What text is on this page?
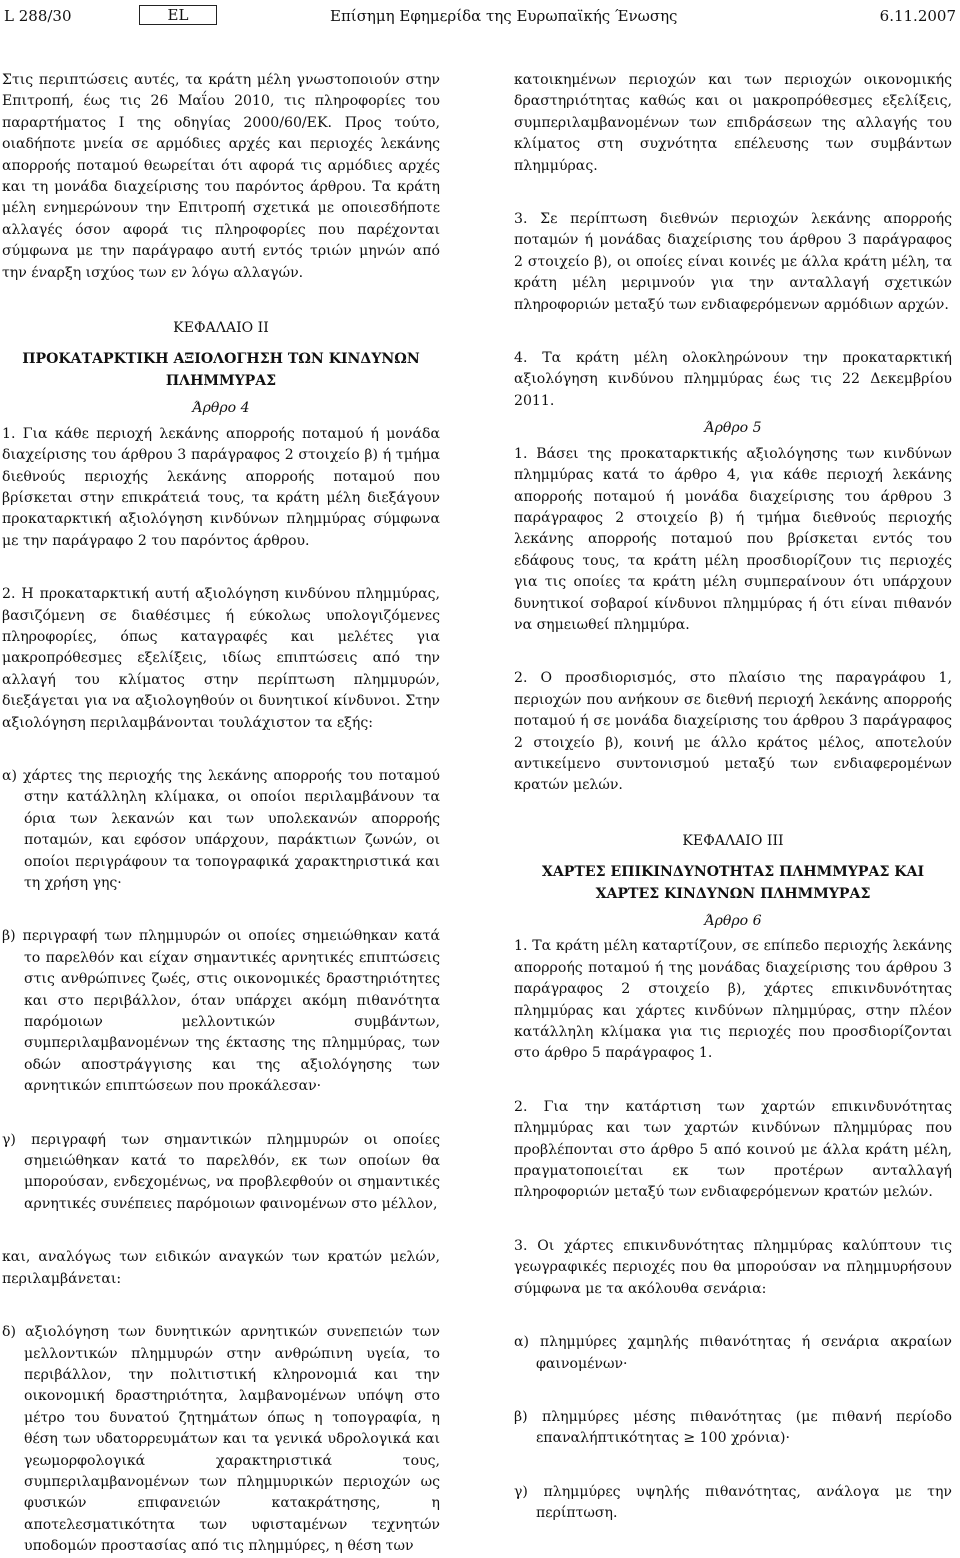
L 288/30	EL	Επίσημη Εφημερίδα της Ευρωπαϊκής Ένωσης	6.11.2007

Στις περιπτώσεις αυτές, τα κράτη μέλη γνωστοποιούν στην Επιτροπή, έως τις 26 Μαΐου 2010, τις πληροφορίες του παραρτήματος I της οδηγίας 2000/60/ΕΚ. Προς τούτο, οιαδήποτε μνεία σε αρμόδιες αρχές και περιοχές λεκάνης απορροής ποταμού θεωρείται ότι αφορά τις αρμόδιες αρχές και τη μονάδα διαχείρισης του παρόντος άρθρου. Τα κράτη μέλη ενημερώνουν την Επιτροπή σχετικά με οποιεσδήποτε αλλαγές όσον αφορά τις πληροφορίες που παρέχονται σύμφωνα με την παράγραφο αυτή εντός τριών μηνών από την έναρξη ισχύος των εν λόγω αλλαγών.

ΚΕΦΑΛΑΙΟ II

ΠΡΟΚΑΤΑΡΚΤΙΚΗ ΑΞΙΟΛΟΓΗΣΗ ΤΩΝ ΚΙΝΔΥΝΩΝ ΠΛΗΜΜΥΡΑΣ

Άρθρο 4

1. Για κάθε περιοχή λεκάνης απορροής ποταμού ή μονάδα διαχείρισης του άρθρου 3 παράγραφος 2 στοιχείο β) ή τμήμα διεθνούς περιοχής λεκάνης απορροής ποταμού που βρίσκεται στην επικράτειά τους, τα κράτη μέλη διεξάγουν προκαταρκτική αξιολόγηση κινδύνων πλημμύρας σύμφωνα με την παράγραφο 2 του παρόντος άρθρου.

2. Η προκαταρκτική αυτή αξιολόγηση κινδύνου πλημμύρας, βασιζόμενη σε διαθέσιμες ή εύκολως υπολογιζόμενες πληροφορίες, όπως καταγραφές και μελέτες για μακροπρόθεσμες εξελίξεις, ιδίως επιπτώσεις από την αλλαγή του κλίματος στην περίπτωση πλημμυρών, διεξάγεται για να αξιολογηθούν οι δυνητικοί κίνδυνοι. Στην αξιολόγηση περιλαμβάνονται τουλάχιστον τα εξής:

α) χάρτες της περιοχής της λεκάνης απορροής του ποταμού στην κατάλληλη κλίμακα, οι οποίοι περιλαμβάνουν τα όρια των λεκανών και των υπολεκανών απορροής ποταμών, και εφόσον υπάρχουν, παράκτιων ζωνών, οι οποίοι περιγράφουν τα τοπογραφικά χαρακτηριστικά και τη χρήση γης·

β) περιγραφή των πλημμυρών οι οποίες σημειώθηκαν κατά το παρελθόν και είχαν σημαντικές αρνητικές επιπτώσεις στις ανθρώπινες ζωές, στις οικονομικές δραστηριότητες και στο περιβάλλον, όταν υπάρχει ακόμη πιθανότητα παρόμοιων μελλοντικών συμβάντων, συμπεριλαμβανομένων της έκτασης της πλημμύρας, των οδών αποστράγγισης και της αξιολόγησης των αρνητικών επιπτώσεων που προκάλεσαν·

γ) περιγραφή των σημαντικών πλημμυρών οι οποίες σημειώθηκαν κατά το παρελθόν, εκ των οποίων θα μπορούσαν, ενδεχομένως, να προβλεφθούν οι σημαντικές αρνητικές συνέπειες παρόμοιων φαινομένων στο μέλλον,

και, αναλόγως των ειδικών αναγκών των κρατών μελών, περιλαμβάνεται:

δ) αξιολόγηση των δυνητικών αρνητικών συνεπειών των μελλοντικών πλημμυρών στην ανθρώπινη υγεία, το περιβάλλον, την πολιτιστική κληρονομιά και την οικονομική δραστηριότητα, λαμβανομένων υπόψη στο μέτρο του δυνατού ζητημάτων όπως η τοπογραφία, η θέση των υδατορρευμάτων και τα γενικά υδρολογικά και γεωμορφολογικά χαρακτηριστικά τους, συμπεριλαμβανομένων των πλημμυρικών περιοχών ως φυσικών επιφανειών κατακράτησης, η αποτελεσματικότητα των υφισταμένων τεχνητών υποδομών προστασίας από τις πλημμύρες, η θέση των

κατοικημένων περιοχών και των περιοχών οικονομικής δραστηριότητας καθώς και οι μακροπρόθεσμες εξελίξεις, συμπεριλαμβανομένων των επιδράσεων της αλλαγής του κλίματος στη συχνότητα επέλευσης των συμβάντων πλημμύρας.

3. Σε περίπτωση διεθνών περιοχών λεκάνης απορροής ποταμών ή μονάδας διαχείρισης του άρθρου 3 παράγραφος 2 στοιχείο β), οι οποίες είναι κοινές με άλλα κράτη μέλη, τα κράτη μέλη μεριμνούν για την ανταλλαγή σχετικών πληροφοριών μεταξύ των ενδιαφερόμενων αρμόδιων αρχών.

4. Τα κράτη μέλη ολοκληρώνουν την προκαταρκτική αξιολόγηση κινδύνου πλημμύρας έως τις 22 Δεκεμβρίου 2011.

Άρθρο 5

1. Βάσει της προκαταρκτικής αξιολόγησης των κινδύνων πλημμύρας κατά το άρθρο 4, για κάθε περιοχή λεκάνης απορροής ποταμού ή μονάδα διαχείρισης του άρθρου 3 παράγραφος 2 στοιχείο β) ή τμήμα διεθνούς περιοχής λεκάνης απορροής ποταμού που βρίσκεται εντός του εδάφους τους, τα κράτη μέλη προσδιορίζουν τις περιοχές για τις οποίες τα κράτη μέλη συμπεραίνουν ότι υπάρχουν δυνητικοί σοβαροί κίνδυνοι πλημμύρας ή ότι είναι πιθανόν να σημειωθεί πλημμύρα.

2. Ο προσδιορισμός, στο πλαίσιο της παραγράφου 1, περιοχών που ανήκουν σε διεθνή περιοχή λεκάνης απορροής ποταμού ή σε μονάδα διαχείρισης του άρθρου 3 παράγραφος 2 στοιχείο β), κοινή με άλλο κράτος μέλος, αποτελούν αντικείμενο συντονισμού μεταξύ των ενδιαφερομένων κρατών μελών.

ΚΕΦΑΛΑΙΟ III

ΧΑΡΤΕΣ ΕΠΙΚΙΝΔΥΝΟΤΗΤΑΣ ΠΛΗΜΜΥΡΑΣ ΚΑΙ ΧΑΡΤΕΣ ΚΙΝΔΥΝΩΝ ΠΛΗΜΜΥΡΑΣ

Άρθρο 6

1. Τα κράτη μέλη καταρτίζουν, σε επίπεδο περιοχής λεκάνης απορροής ποταμού ή της μονάδας διαχείρισης του άρθρου 3 παράγραφος 2 στοιχείο β), χάρτες επικινδυνότητας πλημμύρας και χάρτες κινδύνων πλημμύρας, στην πλέον κατάλληλη κλίμακα για τις περιοχές που προσδιορίζονται στο άρθρο 5 παράγραφος 1.

2. Για την κατάρτιση των χαρτών επικινδυνότητας πλημμύρας και των χαρτών κινδύνων πλημμύρας που προβλέπονται στο άρθρο 5 από κοινού με άλλα κράτη μέλη, πραγματοποιείται εκ των προτέρων ανταλλαγή πληροφοριών μεταξύ των ενδιαφερόμενων κρατών μελών.

3. Οι χάρτες επικινδυνότητας πλημμύρας καλύπτουν τις γεωγραφικές περιοχές που θα μπορούσαν να πλημμυρήσουν σύμφωνα με τα ακόλουθα σενάρια:

α) πλημμύρες χαμηλής πιθανότητας ή σενάρια ακραίων φαινομένων·

β) πλημμύρες μέσης πιθανότητας (με πιθανή περίοδο επαναλήπτικότητας ≥ 100 χρόνια)·

γ) πλημμύρες υψηλής πιθανότητας, ανάλογα με την περίπτωση.
